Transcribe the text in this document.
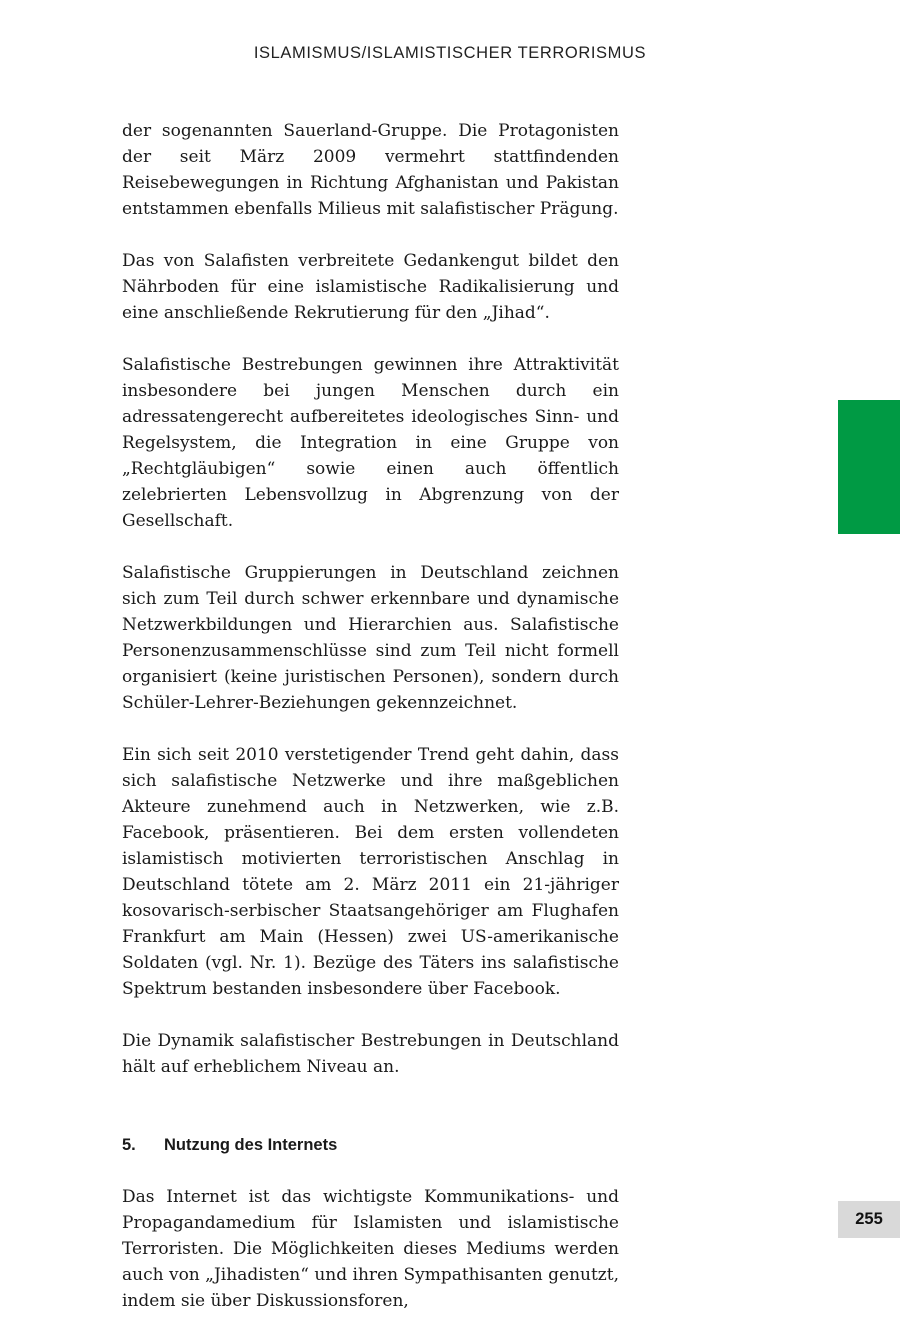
ISLAMISMUS/ISLAMISTISCHER TERRORISMUS

der sogenannten Sauerland-Gruppe. Die Protagonisten der seit März 2009 vermehrt stattfindenden Reisebewegungen in Richtung Afghanistan und Pakistan entstammen ebenfalls Milieus mit salafistischer Prägung.

Das von Salafisten verbreitete Gedankengut bildet den Nährboden für eine islamistische Radikalisierung und eine anschließende Rekrutierung für den „Jihad“.

Salafistische Bestrebungen gewinnen ihre Attraktivität insbesondere bei jungen Menschen durch ein adressatengerecht aufbereitetes ideologisches Sinn- und Regelsystem, die Integration in eine Gruppe von „Rechtgläubigen“ sowie einen auch öffentlich zelebrierten Lebensvollzug in Abgrenzung von der Gesellschaft.

Salafistische Gruppierungen in Deutschland zeichnen sich zum Teil durch schwer erkennbare und dynamische Netzwerkbildungen und Hierarchien aus. Salafistische Personenzusammenschlüsse sind zum Teil nicht formell organisiert (keine juristischen Personen), sondern durch Schüler-Lehrer-Beziehungen gekennzeichnet.

Ein sich seit 2010 verstetigender Trend geht dahin, dass sich salafistische Netzwerke und ihre maßgeblichen Akteure zunehmend auch in Netzwerken, wie z.B. Facebook, präsentieren. Bei dem ersten vollendeten islamistisch motivierten terroristischen Anschlag in Deutschland tötete am 2. März 2011 ein 21-jähriger kosovarisch-serbischer Staatsangehöriger am Flughafen Frankfurt am Main (Hessen) zwei US-amerikanische Soldaten (vgl. Nr. 1). Bezüge des Täters ins salafistische Spektrum bestanden insbesondere über Facebook.

Die Dynamik salafistischer Bestrebungen in Deutschland hält auf erheblichem Niveau an.

5.	Nutzung des Internets

Das Internet ist das wichtigste Kommunikations- und Propagandamedium für Islamisten und islamistische Terroristen. Die Möglichkeiten dieses Mediums werden auch von „Jihadisten“ und ihren Sympathisanten genutzt, indem sie über Diskussionsforen,

255
